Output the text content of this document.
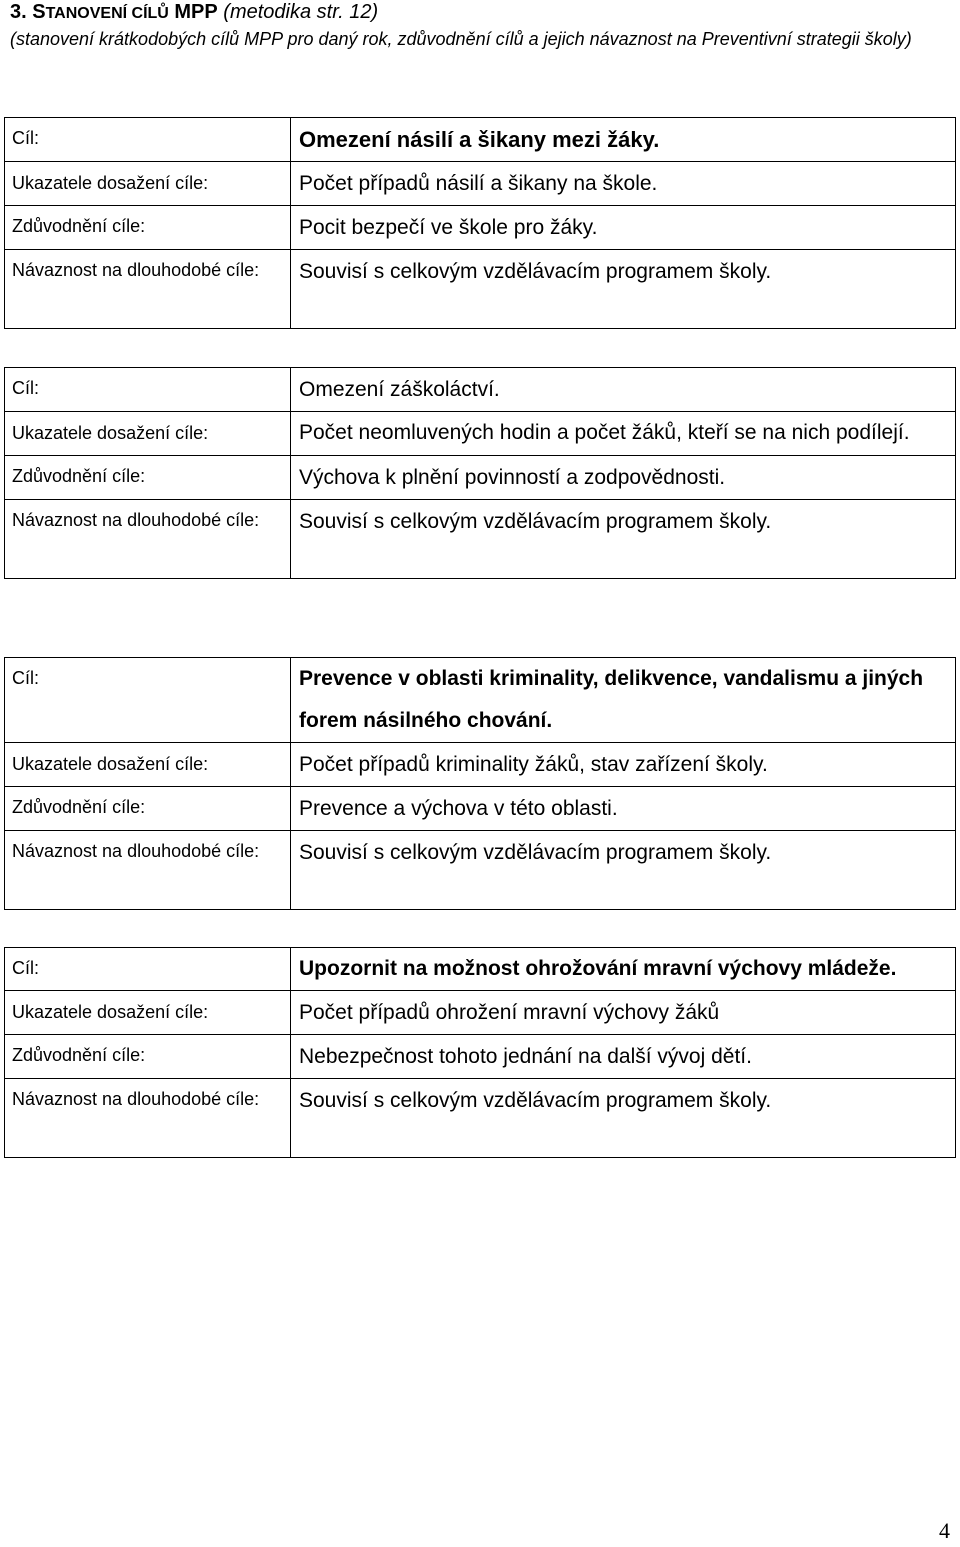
3. STANOVENÍ CÍLŮ MPP (metodika str. 12)
(stanovení krátkodobých cílů MPP pro daný rok, zdůvodnění cílů a jejich návaznost na Preventivní strategii školy)
Cíl:	Omezení násilí a šikany mezi žáky.

Ukazatele dosažení cíle:	Počet případů násilí a šikany na škole.

Zdůvodnění cíle:	Pocit bezpečí ve škole pro žáky.

Návaznost na dlouhodobé cíle:	Souvisí s celkovým vzdělávacím programem školy.
Cíl:	Omezení záškoláctví.

Ukazatele dosažení cíle:	Počet neomluvených hodin a počet žáků, kteří se na nich podílejí.

Zdůvodnění cíle:	Výchova k plnění povinností a zodpovědnosti.

Návaznost na dlouhodobé cíle:	Souvisí s celkovým vzdělávacím programem školy.
Cíl:	Prevence v oblasti kriminality, delikvence, vandalismu a jiných forem násilného chování.

Ukazatele dosažení cíle:	Počet případů kriminality žáků, stav zařízení školy.

Zdůvodnění cíle:	Prevence a výchova v této oblasti.

Návaznost na dlouhodobé cíle:	Souvisí s celkovým vzdělávacím programem školy.
Cíl:	Upozornit na možnost ohrožování mravní výchovy mládeže.

Ukazatele dosažení cíle:	Počet případů ohrožení mravní výchovy žáků

Zdůvodnění cíle:	Nebezpečnost tohoto jednání na další vývoj dětí.

Návaznost na dlouhodobé cíle:	Souvisí s celkovým vzdělávacím programem školy.
4
